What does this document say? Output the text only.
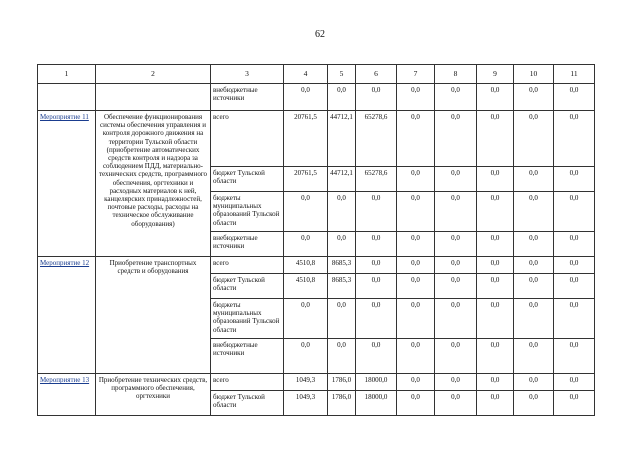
62
1	2	3	4	5	6	7	8	9	10	11
		внебюджетные источники	0,0	0,0	0,0	0,0	0,0	0,0	0,0	0,0
Мероприятие 11	Обеспечение функционирования системы обеспечения управления и контроля дорожного движения на территории Тульской области (приобретение автоматических средств контроля и надзора за соблюдением ПДД, материально-технических средств, программного обеспечения, оргтехники и расходных материалов к ней, канцелярских принадлежностей, почтовые расходы, расходы на техническое обслуживание оборудования)	всего	20761,5	44712,1	65278,6	0,0	0,0	0,0	0,0	0,0
		бюджет Тульской области	20761,5	44712,1	65278,6	0,0	0,0	0,0	0,0	0,0
		бюджеты муниципальных образований Тульской области	0,0	0,0	0,0	0,0	0,0	0,0	0,0	0,0
		внебюджетные источники	0,0	0,0	0,0	0,0	0,0	0,0	0,0	0,0
Мероприятие 12	Приобретение транспортных средств и оборудования	всего	4510,8	8685,3	0,0	0,0	0,0	0,0	0,0	0,0
		бюджет Тульской области	4510,8	8685,3	0,0	0,0	0,0	0,0	0,0	0,0
		бюджеты муниципальных образований Тульской области	0,0	0,0	0,0	0,0	0,0	0,0	0,0	0,0
		внебюджетные источники	0,0	0,0	0,0	0,0	0,0	0,0	0,0	0,0
Мероприятие 13	Приобретение технических средств, программного обеспечения, оргтехники	всего	1049,3	1786,0	18000,0	0,0	0,0	0,0	0,0	0,0
		бюджет Тульской области	1049,3	1786,0	18000,0	0,0	0,0	0,0	0,0	0,0
